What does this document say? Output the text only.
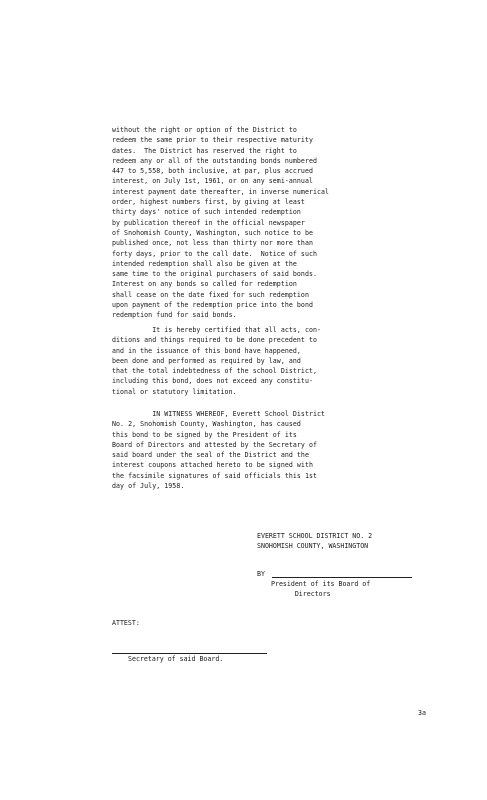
without the right or option of the District to
redeem the same prior to their respective maturity
dates.  The District has reserved the right to
redeem any or all of the outstanding bonds numbered
447 to 5,558, both inclusive, at par, plus accrued
interest, on July 1st, 1961, or on any semi-annual
interest payment date thereafter, in inverse numerical
order, highest numbers first, by giving at least
thirty days' notice of such intended redemption
by publication thereof in the official newspaper
of Snohomish County, Washington, such notice to be
published once, not less than thirty nor more than
forty days, prior to the call date.  Notice of such
intended redemption shall also be given at the
same time to the original purchasers of said bonds.
Interest on any bonds so called for redemption
shall cease on the date fixed for such redemption
upon payment of the redemption price into the bond
redemption fund for said bonds.
It is hereby certified that all acts, con-
ditions and things required to be done precedent to
and in the issuance of this bond have happened,
been done and performed as required by law, and
that the total indebtedness of the school District,
including this bond, does not exceed any constitu-
tional or statutory limitation.
IN WITNESS WHEREOF, Everett School District
No. 2, Snohomish County, Washington, has caused
this bond to be signed by the President of its
Board of Directors and attested by the Secretary of
said board under the seal of the District and the
interest coupons attached hereto to be signed with
the facsimile signatures of said officials this 1st
day of July, 1958.
EVERETT SCHOOL DISTRICT NO. 2
SNOHOMISH COUNTY, WASHINGTON
BY
President of its Board of
Directors
ATTEST:
Secretary of said Board.
3a
